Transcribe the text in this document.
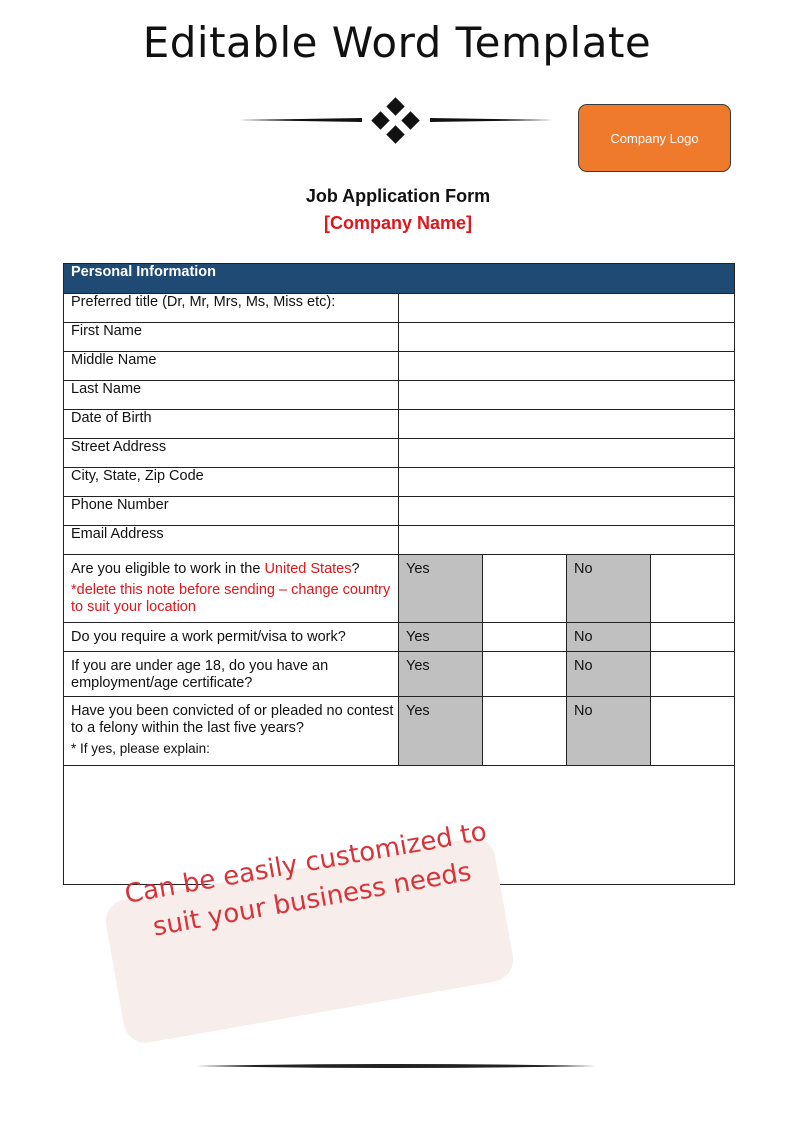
Editable Word Template
Company Logo
Job Application Form
[Company Name]
Personal Information				
Preferred title (Dr, Mr, Mrs, Ms, Miss etc):				
First Name				
Middle Name				
Last Name				
Date of Birth				
Street Address				
City, State, Zip Code				
Phone Number				
Email Address				

Are you eligible to work in the United States?
*delete this note before sending – change country to suit your location	Yes		No	
Do you require a work permit/visa to work?	Yes		No	
If you are under age 18, do you have an employment/age certificate?	Yes		No	

Have you been convicted of or pleaded no contest to a felony within the last five years?
* If yes, please explain:	Yes		No	

Can be easily customized to suit your business needs
